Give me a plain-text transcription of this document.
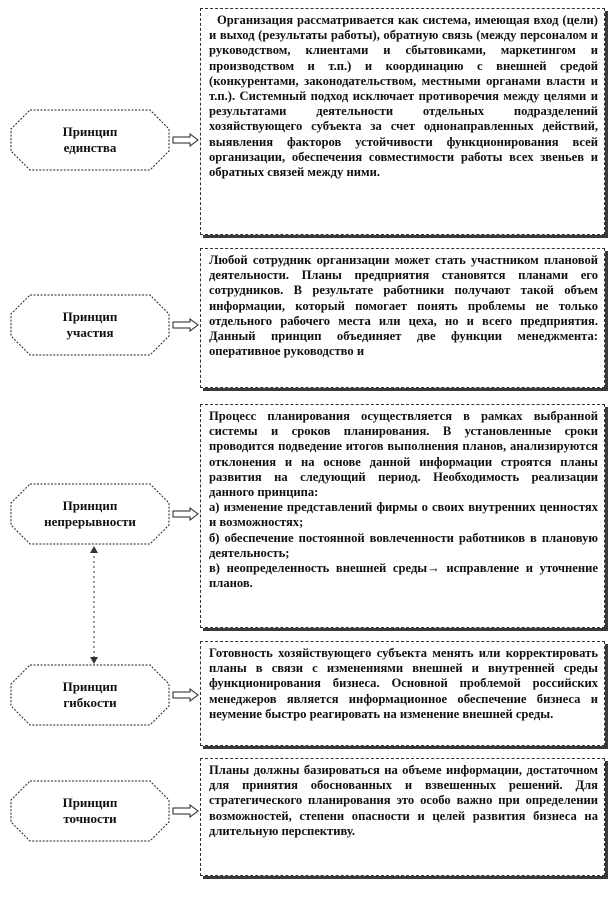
Организация рассматривается как система, имеющая вход (цели) и выход (результаты работы), обратную связь (между персоналом и руководством, клиентами и сбытовиками, маркетингом и производством и т.п.) и координацию с внешней средой (конкурентами, законодательством, местными органами власти и т.п.). Системный подход исключает противоречия между целями и результатами деятельности отдельных подразделений хозяйствующего субъекта за счет однонаправленных действий, выявления факторов устойчивости функционирования всей организации, обеспечения совместимости работы всех звеньев и обратных связей между ними.

Принцип
единства

Любой сотрудник организации может стать участником плановой деятельности. Планы предприятия становятся планами его сотрудников. В результате работники получают такой объем информации, который помогает понять проблемы не только отдельного рабочего места или цеха, но и всего предприятия. Данный принцип объединяет две функции менеджмента: оперативное руководство и

Принцип
участия

Процесс планирования осуществляется в рамках выбранной системы и сроков планирования. В установленные сроки проводится подведение итогов выполнения планов, анализируются отклонения и на основе данной информации строятся планы развития на следующий период. Необходимость реализации данного принципа:

а) изменение представлений фирмы о своих внутренних ценностях и возможностях;

б) обеспечение постоянной вовлеченности работников в плановую деятельность;

в) неопределенность внешней среды→ исправление и уточнение планов.

Принцип
непрерывности

Готовность хозяйствующего субъекта менять или корректировать планы в связи с изменениями внешней и внутренней среды функционирования бизнеса. Основной проблемой российских менеджеров является информационное обеспечение бизнеса и неумение быстро реагировать на изменение внешней среды.

Принцип
гибкости

Планы должны базироваться на объеме информации, достаточном для принятия обоснованных и взвешенных решений. Для стратегического планирования это особо важно при определении возможностей, степени опасности и целей развития бизнеса на длительную перспективу.

Принцип
точности
